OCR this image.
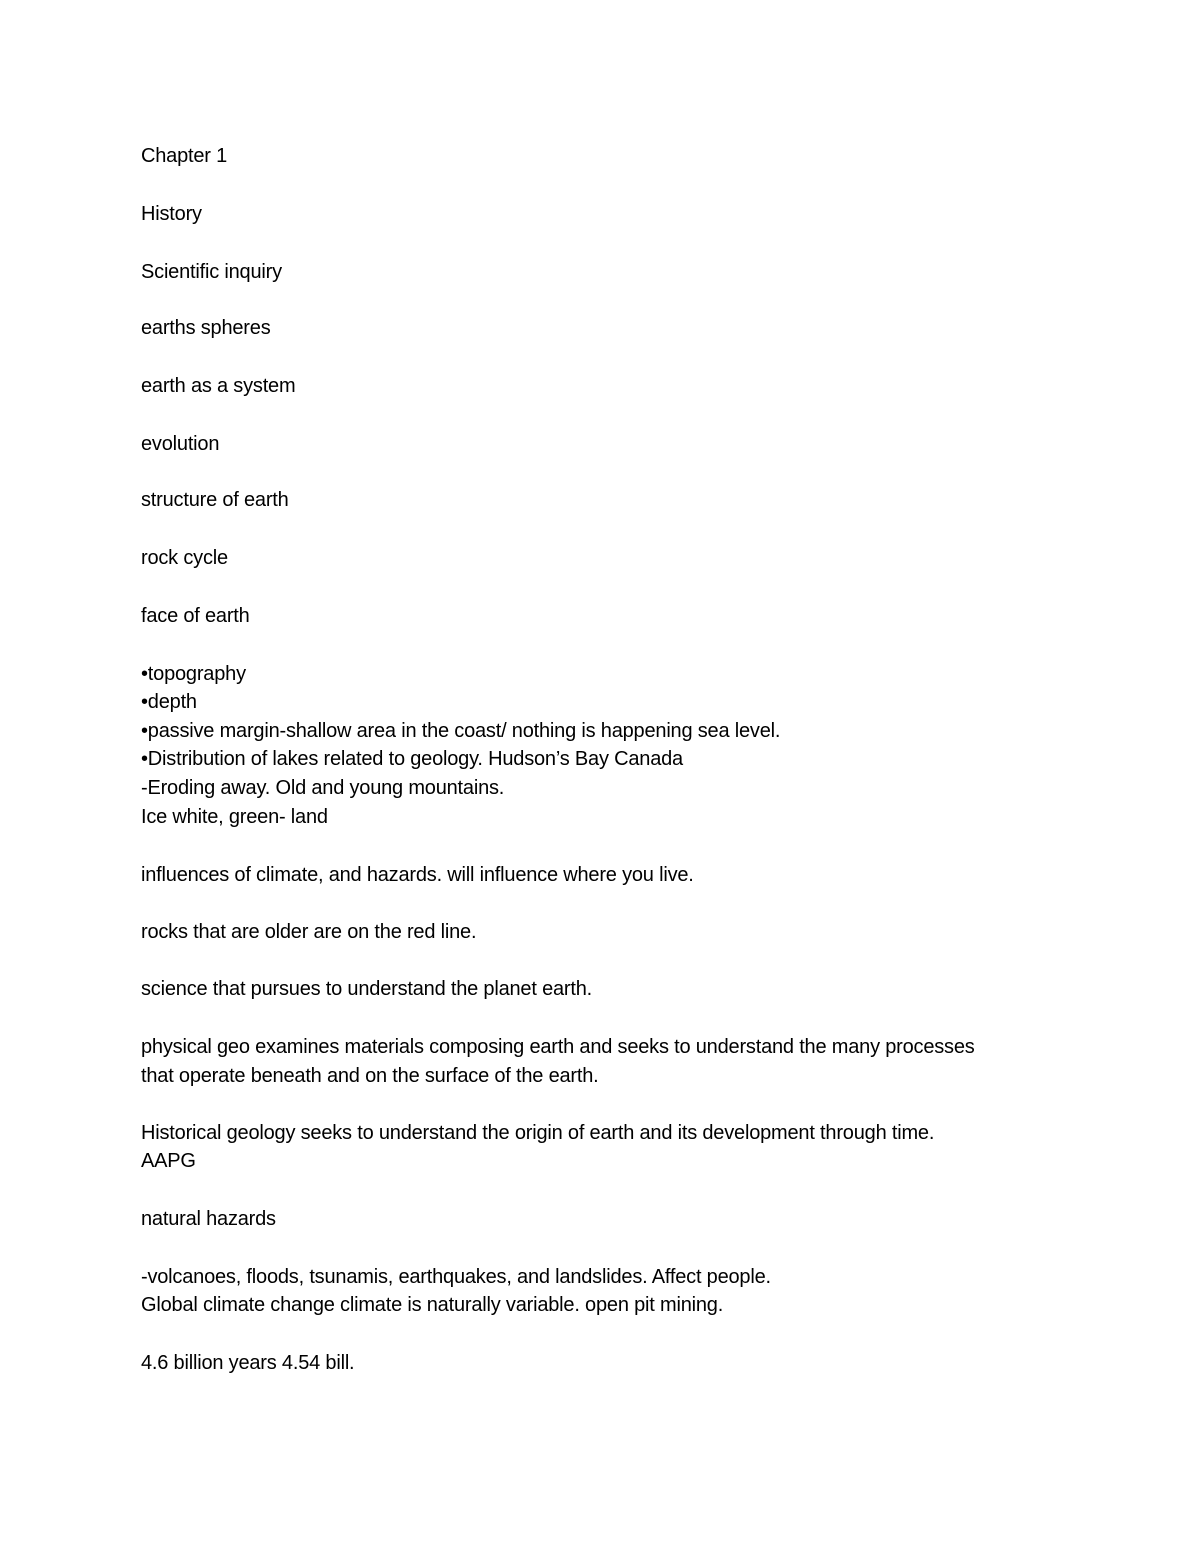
Chapter 1

History

Scientific inquiry

earths spheres

earth as a system

evolution

structure of earth

rock cycle

face of earth

•topography

•depth

•passive margin-shallow area in the coast/ nothing is happening sea level.

•Distribution of lakes related to geology. Hudson’s Bay Canada

-Eroding away. Old and young mountains.

Ice white, green- land

influences of climate, and hazards. will influence where you live.

rocks that are older are on the red line.

science that pursues to understand the planet earth.

physical geo examines materials composing earth and seeks to understand the many processes

that operate beneath and on the surface of the earth.

Historical geology seeks to understand the origin of earth and its development through time.

AAPG

natural hazards

-volcanoes, floods, tsunamis, earthquakes, and landslides. Affect people.

Global climate change climate is naturally variable. open pit mining.

4.6 billion years 4.54 bill.
